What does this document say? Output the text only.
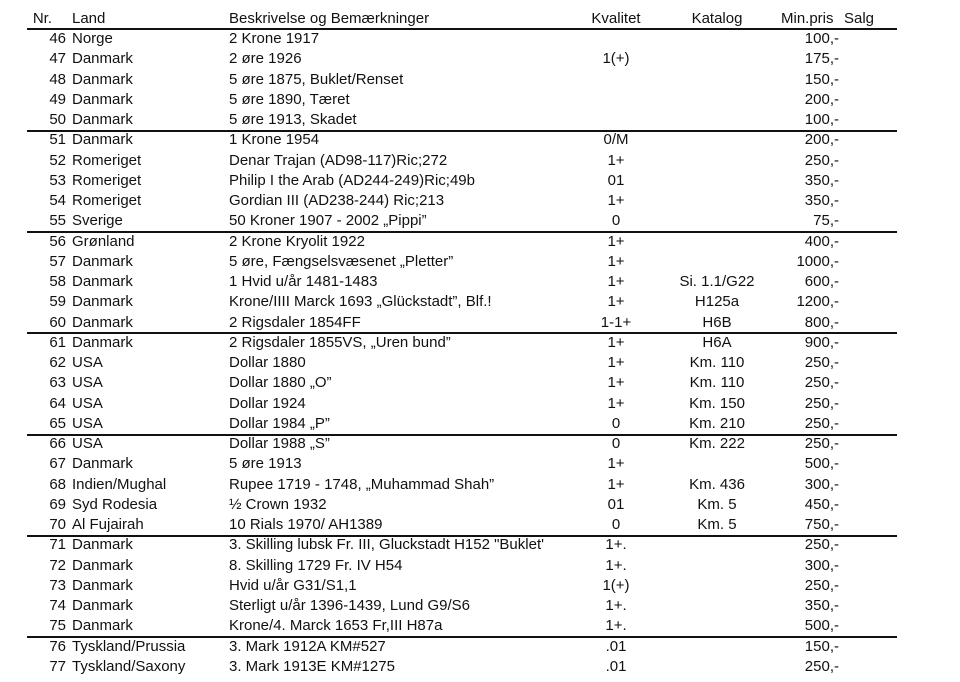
Nr. Land	Beskrivelse og Bemærkninger	Kvalitet	Katalog	Min.pris Salg
46 Norge	2 Krone 1917	100,-
47 Danmark	2 øre 1926	1(+)	175,-
48 Danmark	5 øre 1875, Buklet/Renset	150,-
49 Danmark	5 øre 1890, Tæret	200,-
50 Danmark	5 øre 1913, Skadet	100,-
51 Danmark	1 Krone 1954	0/M	200,-
52 Romeriget	Denar Trajan (AD98-117)Ric;272	1+	250,-
53 Romeriget	Philip I the Arab (AD244-249)Ric;49b	01	350,-
54 Romeriget	Gordian III (AD238-244) Ric;213	1+	350,-
55 Sverige	50 Kroner 1907 - 2002 „Pippi”	0	75,-
56 Grønland	2 Krone Kryolit 1922	1+	400,-
57 Danmark	5 øre, Fængselsvæsenet „Pletter”	1+	1000,-
58 Danmark	1 Hvid u/år 1481-1483	1+	Si. 1.1/G22	600,-
59 Danmark	Krone/IIII Marck 1693 „Glückstadt”, Blf.!	1+	H125a	1200,-
60 Danmark	2 Rigsdaler 1854FF	1-1+	H6B	800,-
61 Danmark	2 Rigsdaler 1855VS, „Uren bund”	1+	H6A	900,-
62 USA	Dollar 1880	1+	Km. 110	250,-
63 USA	Dollar 1880 „O”	1+	Km. 110	250,-
64 USA	Dollar 1924	1+	Km. 150	250,-
65 USA	Dollar 1984 „P”	0	Km. 210	250,-
66 USA	Dollar 1988 „S”	0	Km. 222	250,-
67 Danmark	5 øre 1913	1+	500,-
68 Indien/Mughal	Rupee 1719 - 1748, „Muhammad Shah”	1+	Km. 436	300,-
69 Syd Rodesia	½ Crown 1932	01	Km. 5	450,-
70 Al Fujairah	10 Rials 1970/ AH1389	0	Km. 5	750,-
71 Danmark	3. Skilling lubsk Fr. III, Gluckstadt H152 "Buklet'	1+.	250,-
72 Danmark	8. Skilling 1729 Fr. IV H54	1+.	300,-
73 Danmark	Hvid u/år G31/S1,1	1(+)	250,-
74 Danmark	Sterligt u/år 1396-1439, Lund G9/S6	1+.	350,-
75 Danmark	Krone/4. Marck 1653 Fr,III H87a	1+.	500,-
76 Tyskland/Prussia	3. Mark 1912A KM#527	.01	150,-
77 Tyskland/Saxony	3. Mark 1913E KM#1275	.01	250,-
